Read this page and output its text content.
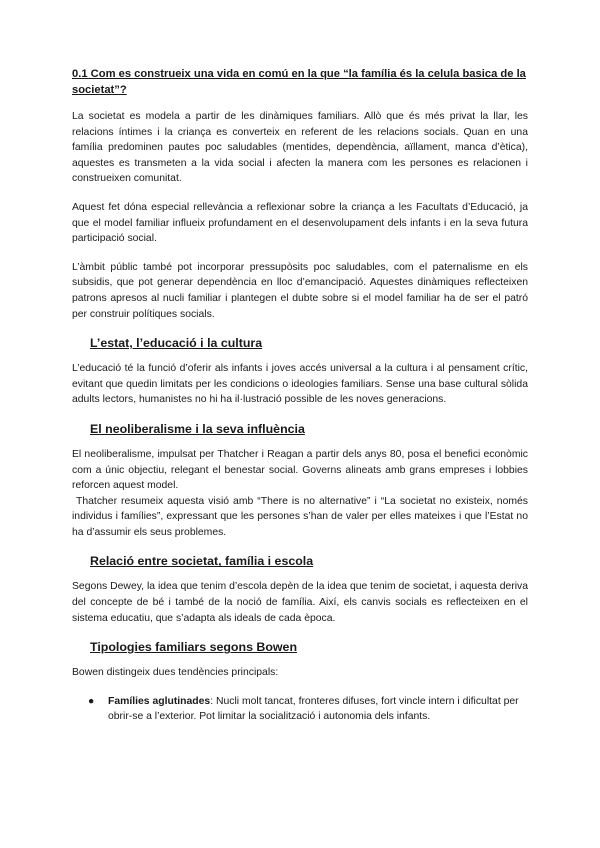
0.1 Com es construeix una vida en comú en la que “la família és la celula basica de la societat”?

La societat es modela a partir de les dinàmiques familiars. Allò que és més privat la llar, les relacions íntimes i la criança es converteix en referent de les relacions socials. Quan en una família predominen pautes poc saludables (mentides, dependència, aïllament, manca d’ètica), aquestes es transmeten a la vida social i afecten la manera com les persones es relacionen i construeixen comunitat.

Aquest fet dóna especial rellevància a reflexionar sobre la criança a les Facultats d’Educació, ja que el model familiar influeix profundament en el desenvolupament dels infants i en la seva futura participació social.

L’àmbit públic també pot incorporar pressupòsits poc saludables, com el paternalisme en els subsidis, que pot generar dependència en lloc d’emancipació. Aquestes dinàmiques reflecteixen patrons apresos al nucli familiar i plantegen el dubte sobre si el model familiar ha de ser el patró per construir polítiques socials.

L’estat, l’educació i la cultura

L’educació té la funció d’oferir als infants i joves accés universal a la cultura i al pensament crític, evitant que quedin limitats per les condicions o ideologies familiars. Sense una base cultural sòlida adults lectors, humanistes no hi ha il·lustració possible de les noves generacions.

El neoliberalisme i la seva influència

El neoliberalisme, impulsat per Thatcher i Reagan a partir dels anys 80, posa el benefici econòmic com a únic objectiu, relegant el benestar social. Governs alineats amb grans empreses i lobbies reforcen aquest model.

Thatcher resumeix aquesta visió amb “There is no alternative” i “La societat no existeix, només individus i famílies”, expressant que les persones s’han de valer per elles mateixes i que l’Estat no ha d’assumir els seus problemes.

Relació entre societat, família i escola

Segons Dewey, la idea que tenim d’escola depèn de la idea que tenim de societat, i aquesta deriva del concepte de bé i també de la noció de família. Així, els canvis socials es reflecteixen en el sistema educatiu, que s’adapta als ideals de cada època.

Tipologies familiars segons Bowen

Bowen distingeix dues tendències principals:

● Famílies aglutinades: Nucli molt tancat, fronteres difuses, fort vincle intern i dificultat per obrir-se a l’exterior. Pot limitar la socialització i autonomia dels infants.
